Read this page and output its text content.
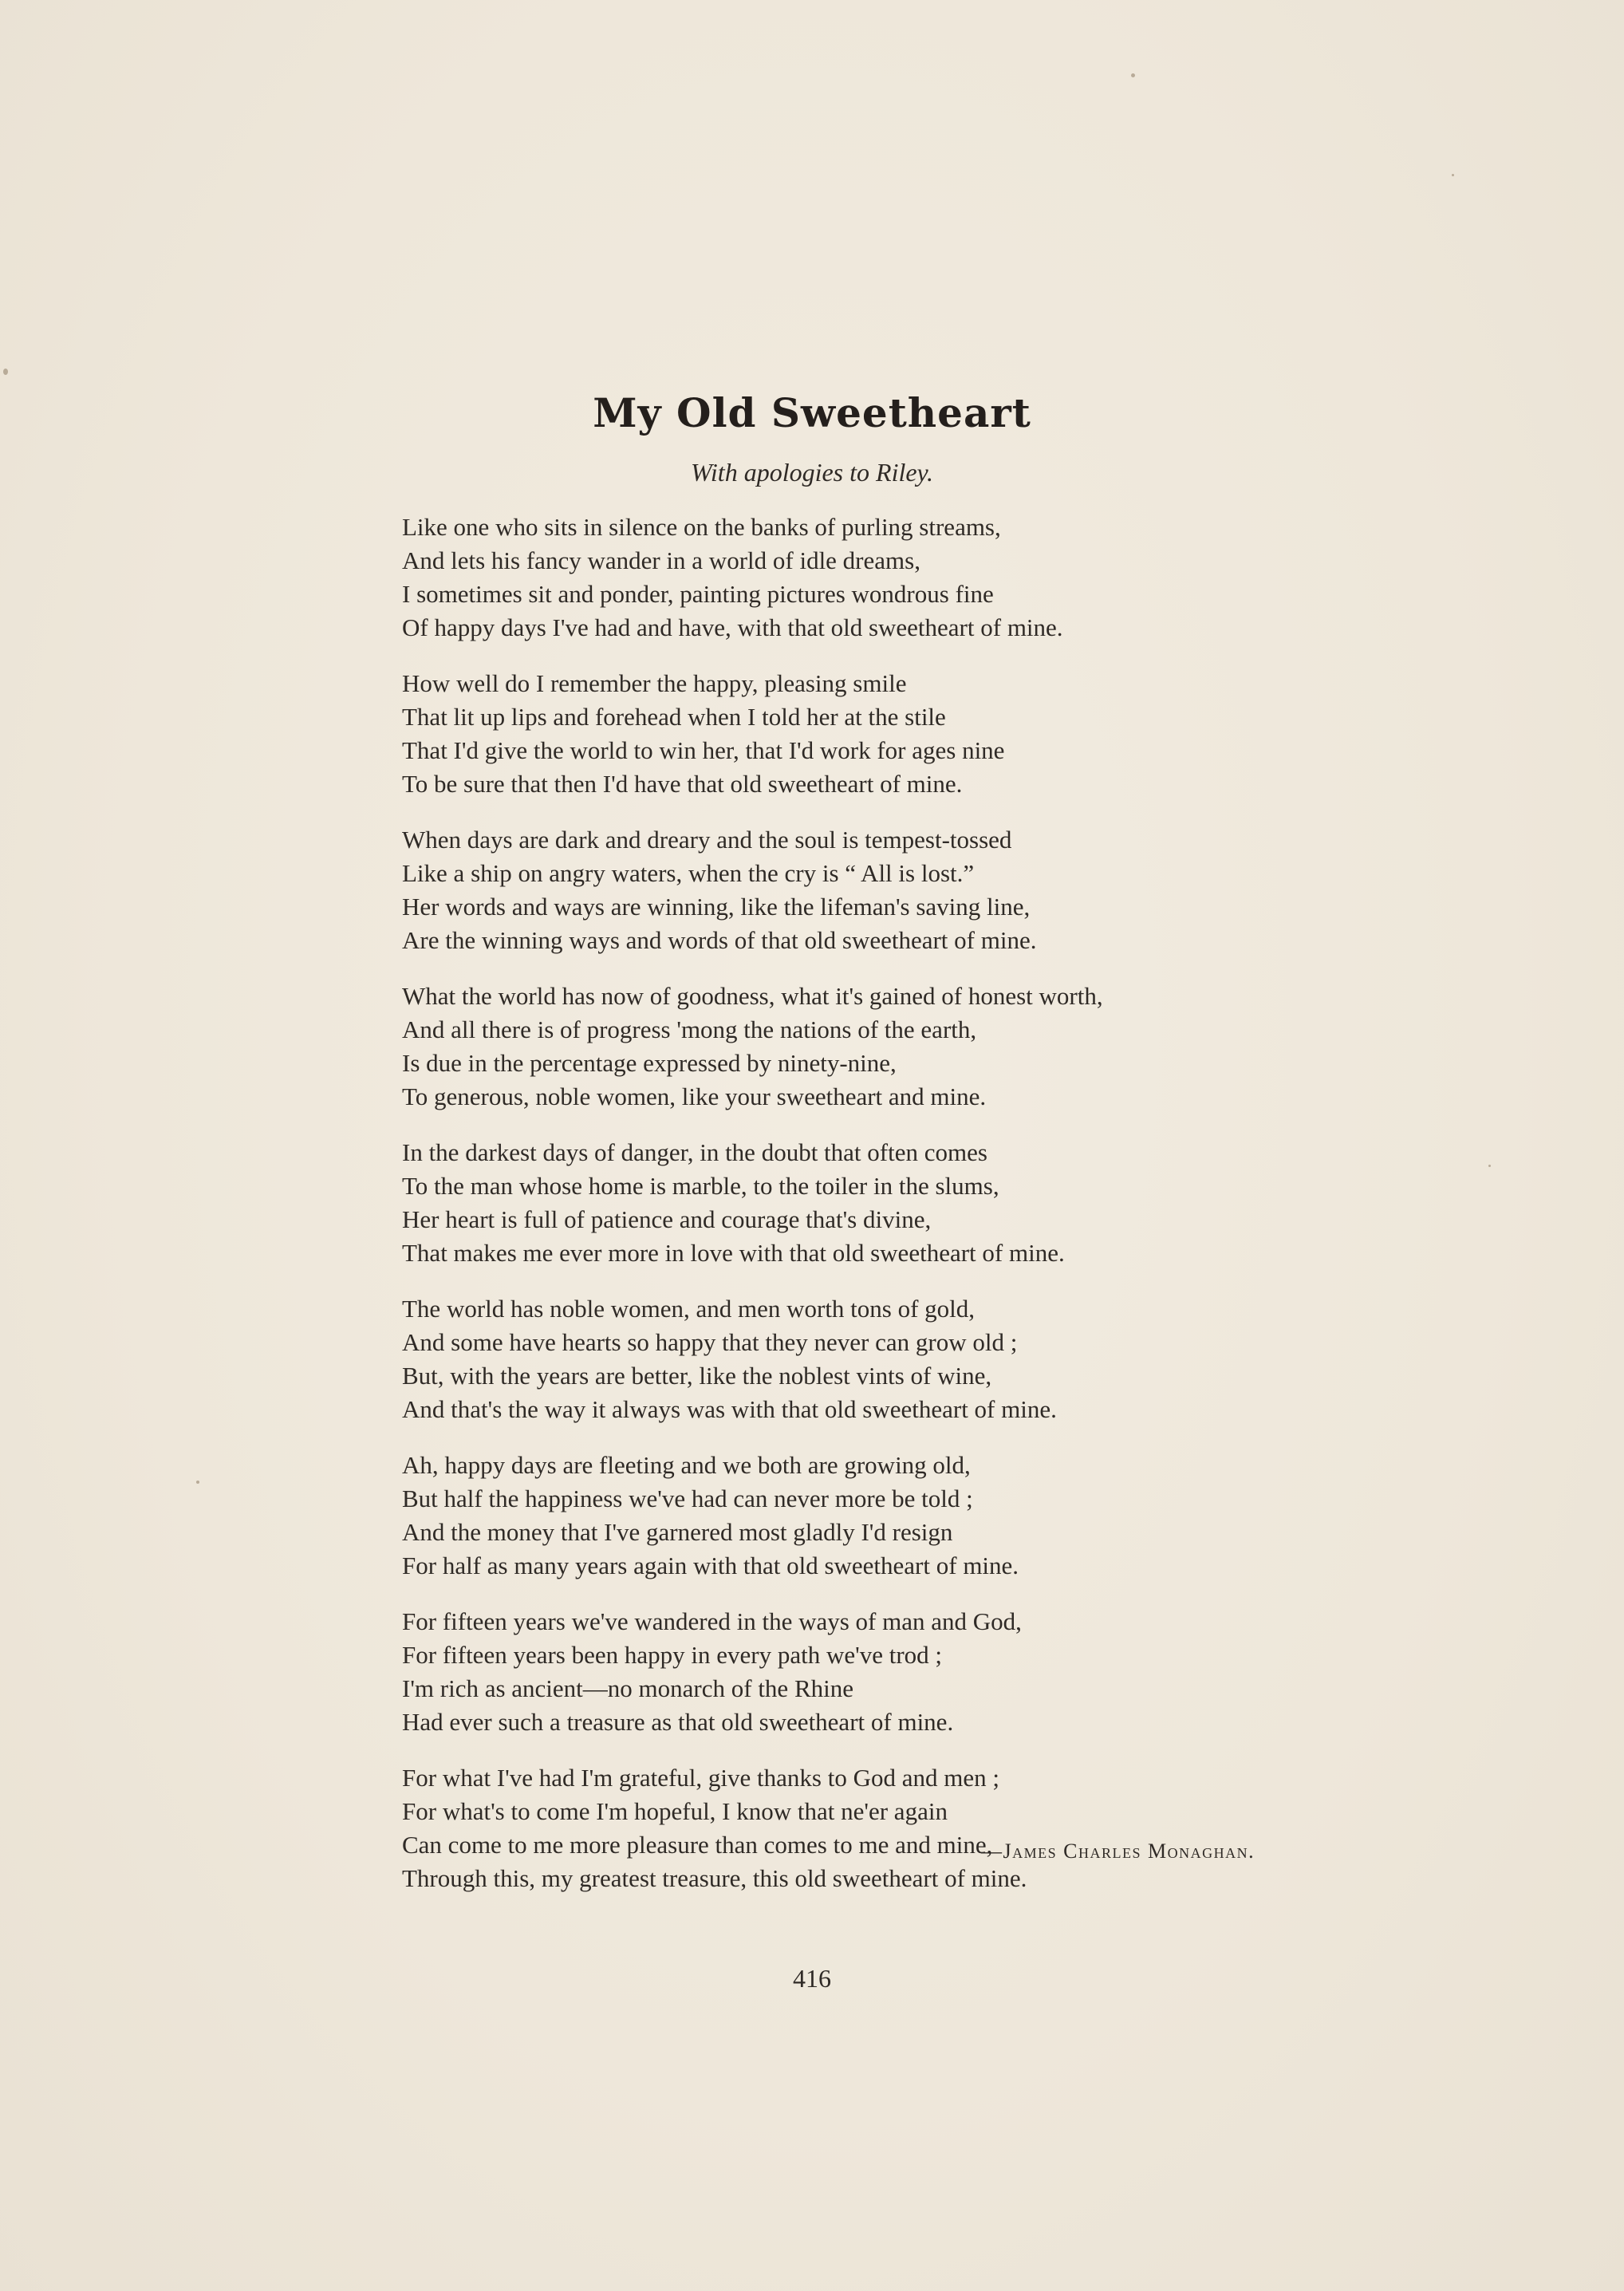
My Old Sweetheart
With apologies to Riley.
Like one who sits in silence on the banks of purling streams,
And lets his fancy wander in a world of idle dreams,
I sometimes sit and ponder, painting pictures wondrous fine
Of happy days I've had and have, with that old sweetheart of mine.
How well do I remember the happy, pleasing smile
That lit up lips and forehead when I told her at the stile
That I'd give the world to win her, that I'd work for ages nine
To be sure that then I'd have that old sweetheart of mine.
When days are dark and dreary and the soul is tempest-tossed
Like a ship on angry waters, when the cry is “ All is lost.”
Her words and ways are winning, like the lifeman's saving line,
Are the winning ways and words of that old sweetheart of mine.
What the world has now of goodness, what it's gained of honest worth,
And all there is of progress 'mong the nations of the earth,
Is due in the percentage expressed by ninety-nine,
To generous, noble women, like your sweetheart and mine.
In the darkest days of danger, in the doubt that often comes
To the man whose home is marble, to the toiler in the slums,
Her heart is full of patience and courage that's divine,
That makes me ever more in love with that old sweetheart of mine.
The world has noble women, and men worth tons of gold,
And some have hearts so happy that they never can grow old ;
But, with the years are better, like the noblest vints of wine,
And that's the way it always was with that old sweetheart of mine.
Ah, happy days are fleeting and we both are growing old,
But half the happiness we've had can never more be told ;
And the money that I've garnered most gladly I'd resign
For half as many years again with that old sweetheart of mine.
For fifteen years we've wandered in the ways of man and God,
For fifteen years been happy in every path we've trod ;
I'm rich as ancient—no monarch of the Rhine
Had ever such a treasure as that old sweetheart of mine.
For what I've had I'm grateful, give thanks to God and men ;
For what's to come I'm hopeful, I know that ne'er again
Can come to me more pleasure than comes to me and mine,
Through this, my greatest treasure, this old sweetheart of mine.
—James Charles Monaghan.
416
